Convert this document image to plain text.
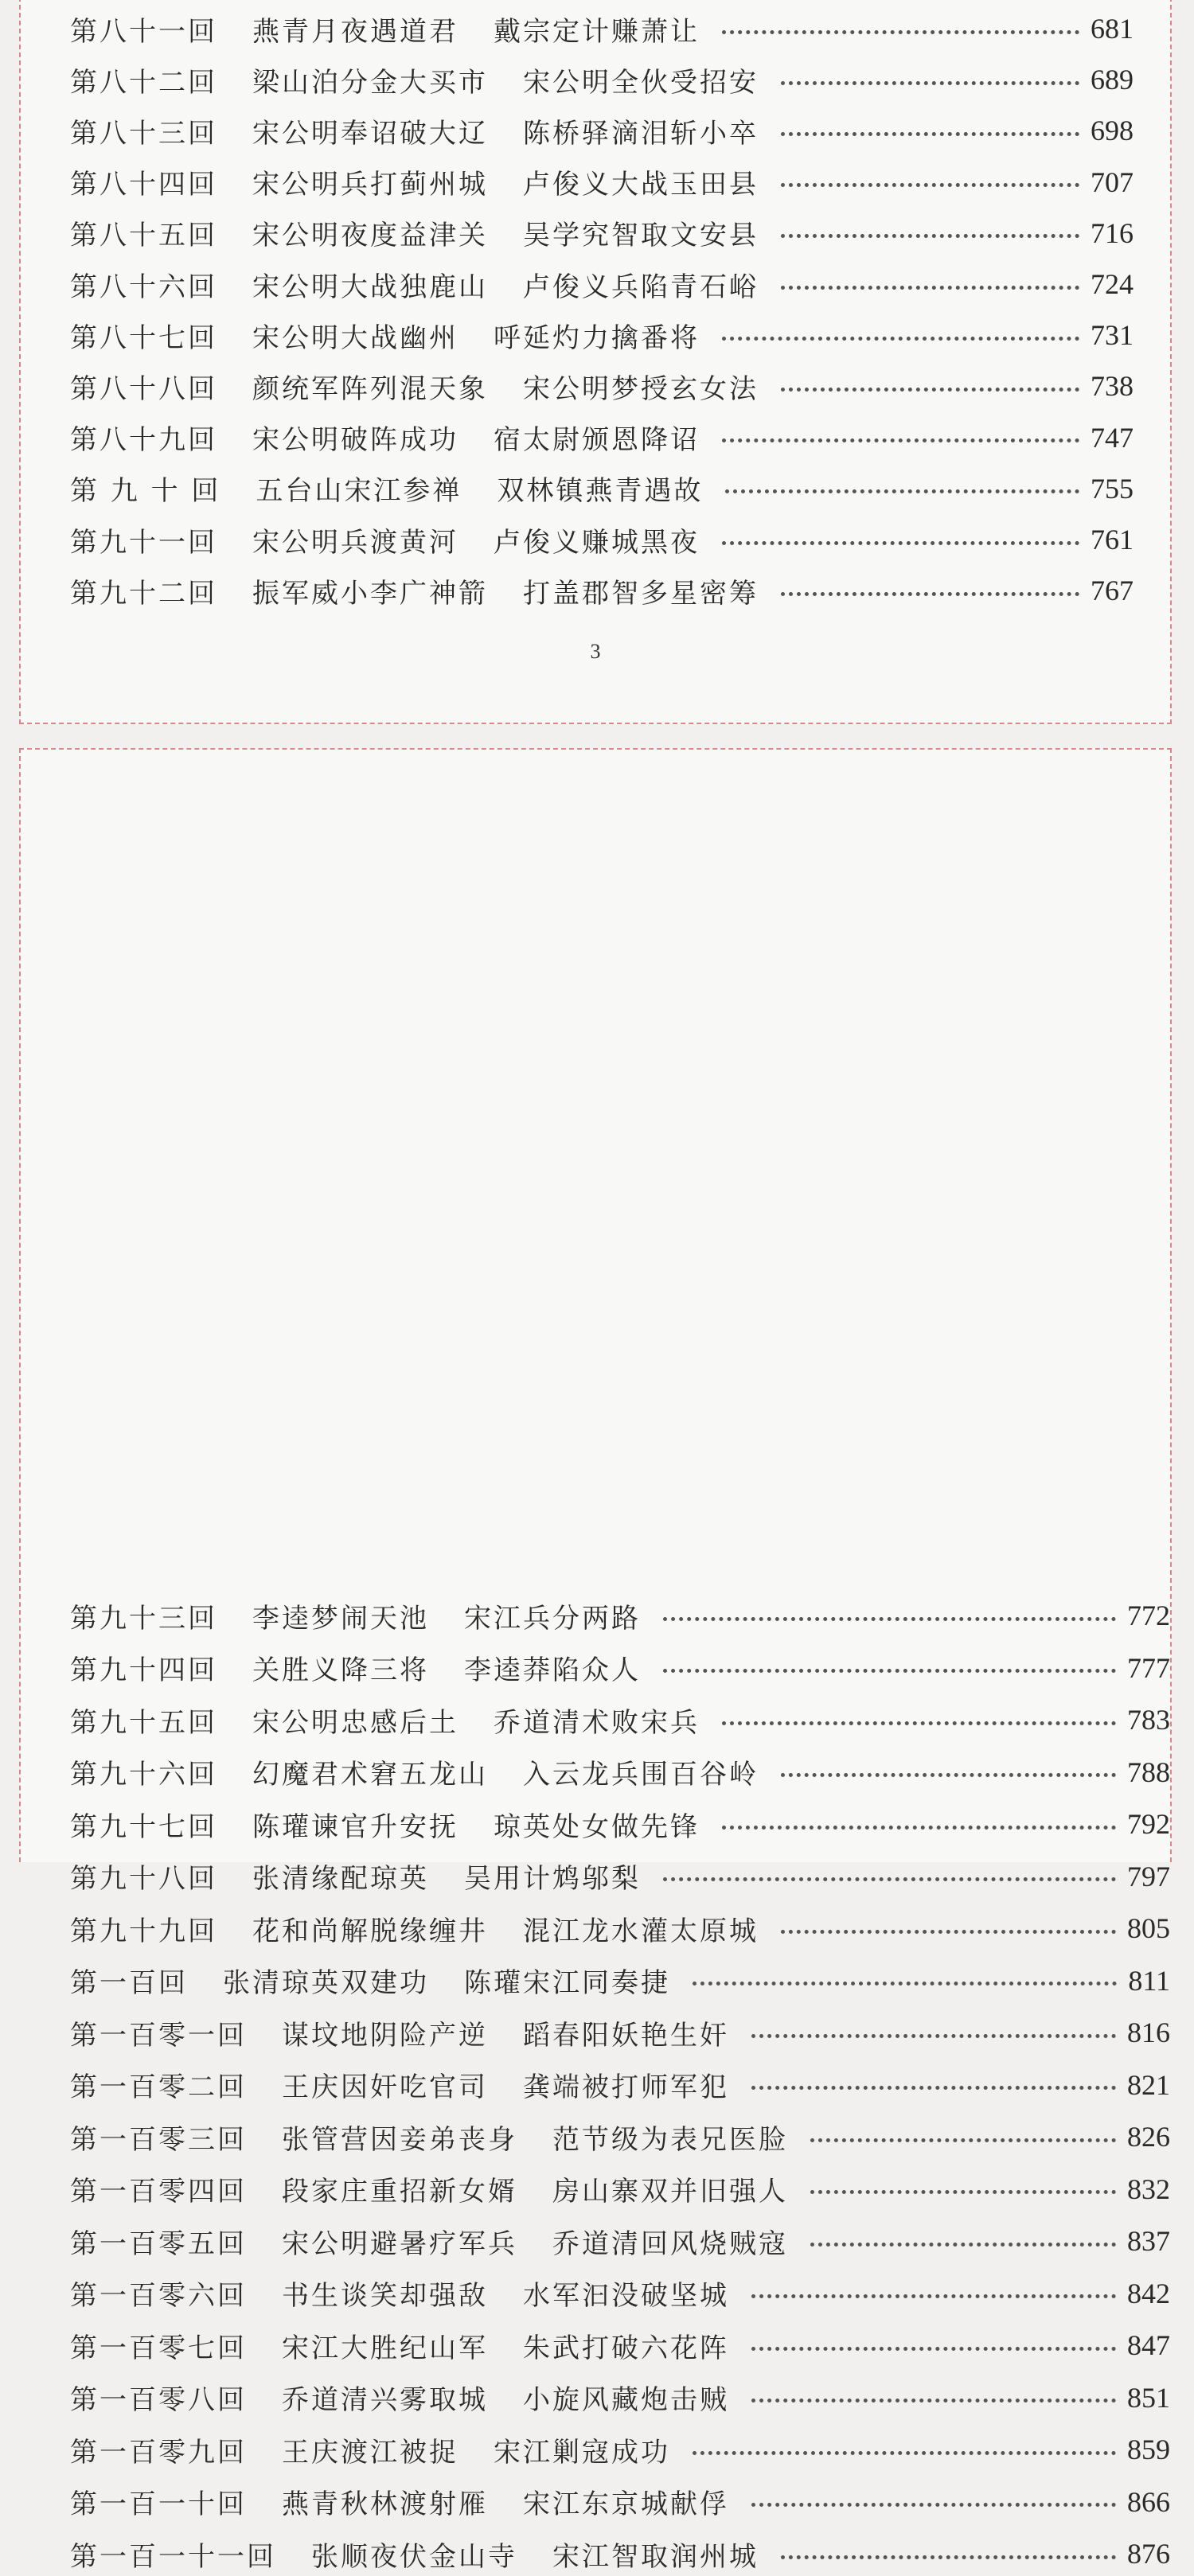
第八十一回 燕青月夜遇道君 戴宗定计赚萧让	681
第八十二回 梁山泊分金大买市 宋公明全伙受招安	689
第八十三回 宋公明奉诏破大辽 陈桥驿滴泪斩小卒	698
第八十四回 宋公明兵打蓟州城 卢俊义大战玉田县	707
第八十五回 宋公明夜度益津关 吴学究智取文安县	716
第八十六回 宋公明大战独鹿山 卢俊义兵陷青石峪	724
第八十七回 宋公明大战幽州 呼延灼力擒番将	731
第八十八回 颜统军阵列混天象 宋公明梦授玄女法	738
第八十九回 宋公明破阵成功 宿太尉颁恩降诏	747
第 九 十 回 五台山宋江参禅 双林镇燕青遇故	755
第九十一回 宋公明兵渡黄河 卢俊义赚城黑夜	761
第九十二回 振军威小李广神箭 打盖郡智多星密筹	767
3
第九十三回 李逵梦闹天池 宋江兵分两路	772
第九十四回 关胜义降三将 李逵莽陷众人	777
第九十五回 宋公明忠感后土 乔道清术败宋兵	783
第九十六回 幻魔君术窘五龙山 入云龙兵围百谷岭	788
第九十七回 陈瓘谏官升安抚 琼英处女做先锋	792
第九十八回 张清缘配琼英 吴用计鸩邬梨	797
第九十九回 花和尚解脱缘缠井 混江龙水灌太原城	805
第一百回 张清琼英双建功 陈瓘宋江同奏捷	811
第一百零一回 谋坟地阴险产逆 蹈春阳妖艳生奸	816
第一百零二回 王庆因奸吃官司 龚端被打师军犯	821
第一百零三回 张管营因妾弟丧身 范节级为表兄医脸	826
第一百零四回 段家庄重招新女婿 房山寨双并旧强人	832
第一百零五回 宋公明避暑疗军兵 乔道清回风烧贼寇	837
第一百零六回 书生谈笑却强敌 水军汩没破坚城	842
第一百零七回 宋江大胜纪山军 朱武打破六花阵	847
第一百零八回 乔道清兴雾取城 小旋风藏炮击贼	851
第一百零九回 王庆渡江被捉 宋江剿寇成功	859
第一百一十回 燕青秋林渡射雁 宋江东京城献俘	866
第一百一十一回 张顺夜伏金山寺 宋江智取润州城	876
